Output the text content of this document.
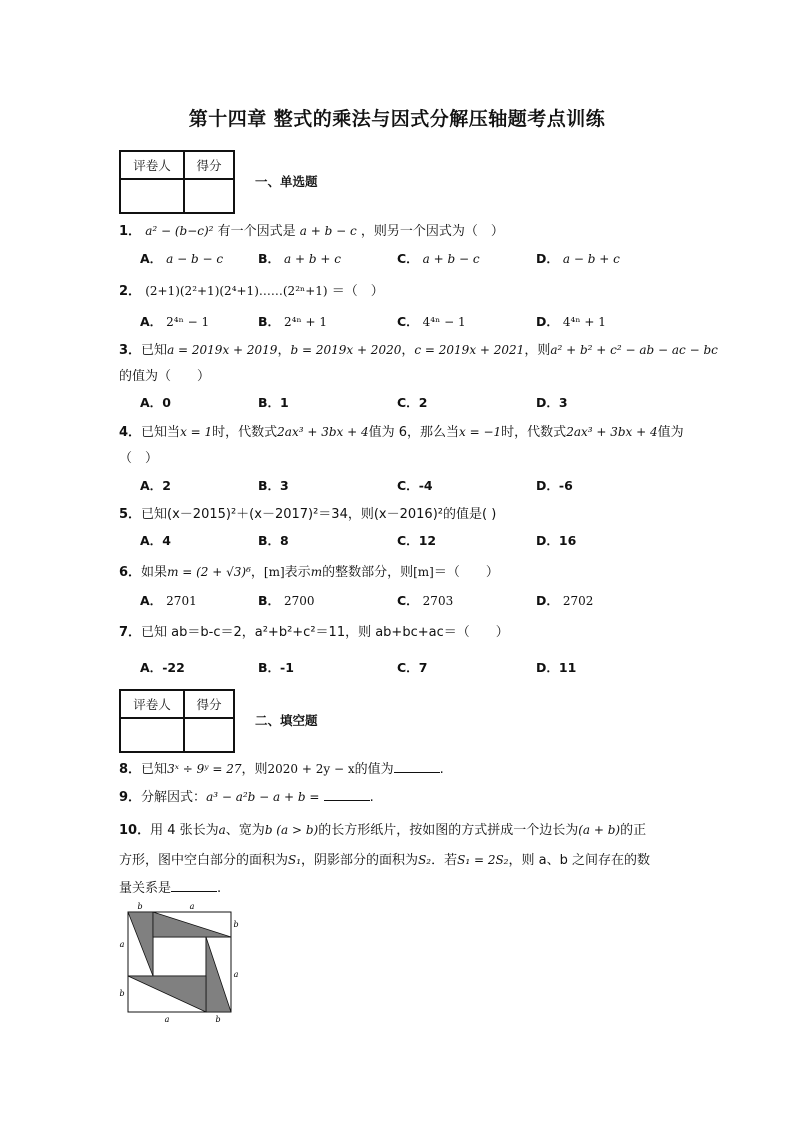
第十四章 整式的乘法与因式分解压轴题考点训练
评卷人	得分

一、单选题
1． a² − (b−c)² 有一个因式是 a + b − c ，则另一个因式为（　）
A． a − b − c	B． a + b + c	C． a + b − c	D． a − b + c
2． (2+1)(2²+1)(2⁴+1)……(2²ⁿ+1) ＝（　）
A． 2⁴ⁿ − 1	B． 2⁴ⁿ + 1	C． 4⁴ⁿ − 1	D． 4⁴ⁿ + 1
3．已知a = 2019x + 2019，b = 2019x + 2020，c = 2019x + 2021，则a² + b² + c² − ab − ac − bc
的值为（　　）
A．0	B．1	C．2	D．3
4．已知当x = 1时，代数式2ax³ + 3bx + 4值为 6，那么当x = −1时，代数式2ax³ + 3bx + 4值为
（　）
A．2	B．3	C．-4	D．-6
5．已知(x－2015)²＋(x－2017)²＝34，则(x－2016)²的值是( )
A．4	B．8	C．12	D．16
6．如果m = (2 + √3)⁶，[m]表示m的整数部分，则[m]＝（　　）
A． 2701	B． 2700	C． 2703	D． 2702
7．已知 ab＝b-c＝2，a²+b²+c²＝11，则 ab+bc+ac＝（　　）
A．-22	B．-1	C．7	D．11
评卷人	得分

二、填空题
8．已知3ˣ ÷ 9ʸ = 27，则2020 + 2y − x的值为	.
9．分解因式：a³ − a²b − a + b =	.
10．用 4 张长为a、宽为b (a > b)的长方形纸片，按如图的方式拼成一个边长为(a + b)的正
方形，图中空白部分的面积为S₁，阴影部分的面积为S₂．若S₁ = 2S₂，则 a、b 之间存在的数
量关系是	.
b	a
b
a
a	b
a
b
